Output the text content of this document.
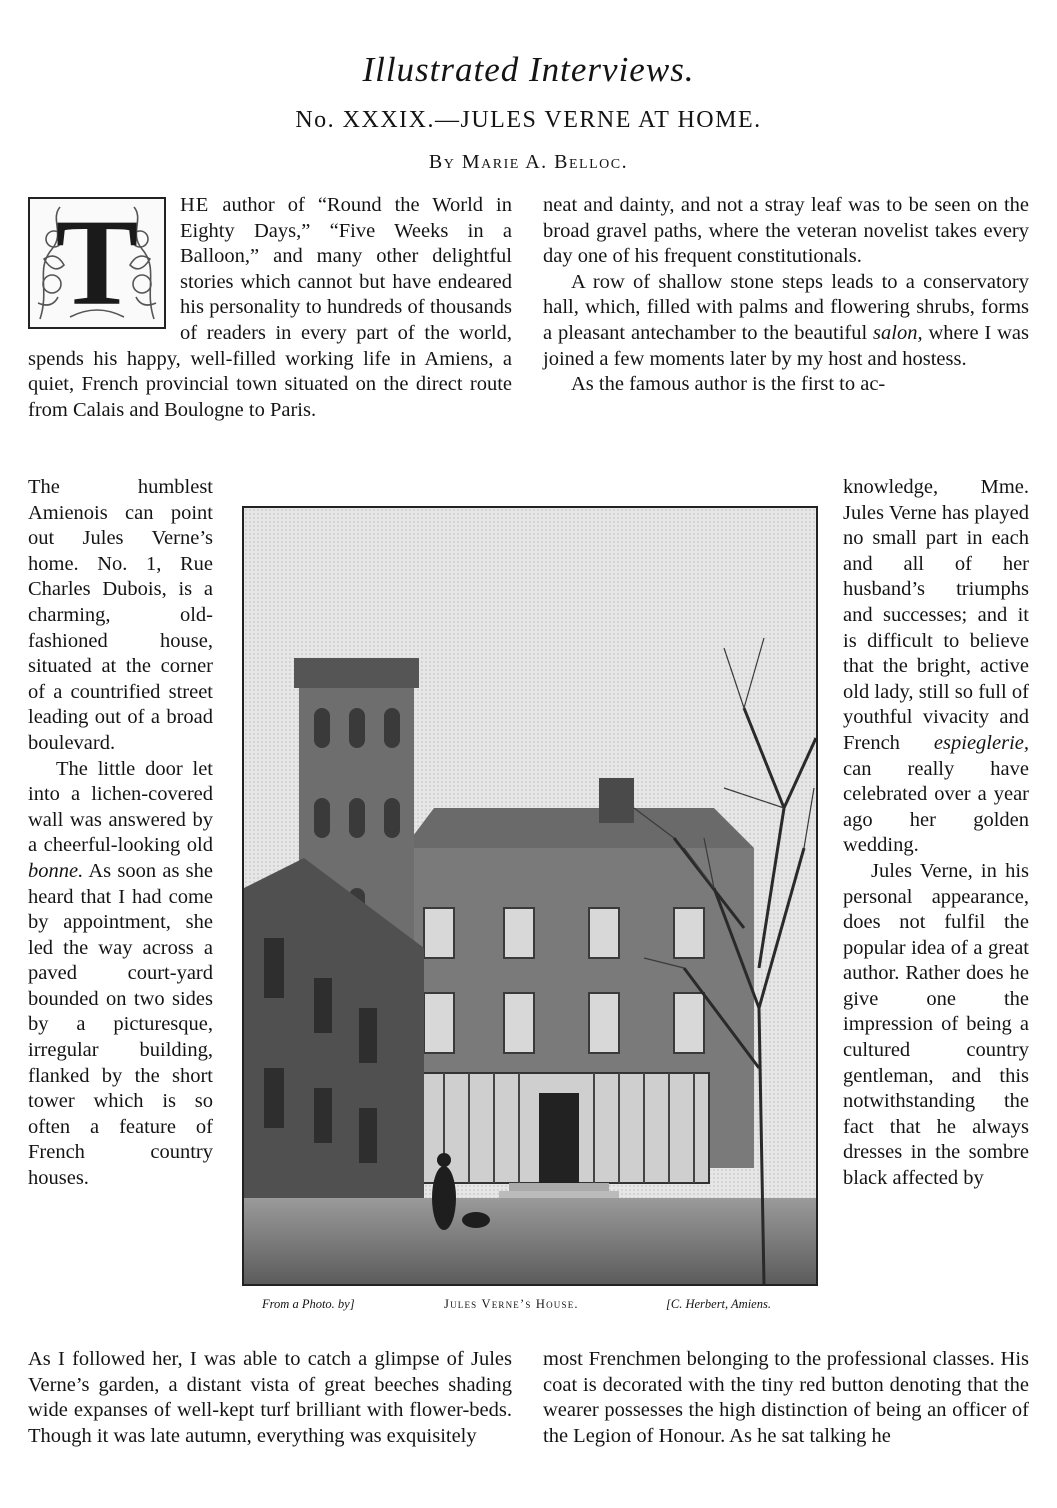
Illustrated Interviews.
No. XXXIX.—JULES VERNE AT HOME.
By Marie A. Belloc.
T	HE author of “Round the World in Eighty Days,” “Five Weeks in a Balloon,” and many other delightful stories which cannot but have endeared his personality to hundreds of thousands of readers in every part of the world, spends his happy, well-filled working life in Amiens, a quiet, French provincial town situated on the direct route from Calais and Boulogne to Paris.

The humblest Amienois can point out Jules Verne’s home. No. 1, Rue Charles Dubois, is a charming, old-fashioned house, situated at the corner of a countrified street leading out of a broad boulevard.

The little door let into a lichen-covered wall was answered by a cheerful-looking old bonne. As soon as she heard that I had come by appointment, she led the way across a paved court-yard bounded on two sides by a picturesque, irregular building, flanked by the short tower which is so often a feature of French country houses.

As I followed her, I was able to catch a glimpse of Jules Verne’s garden, a distant vista of great beeches shading wide expanses of well-kept turf brilliant with flower-beds. Though it was late autumn, everything was exquisitely

neat and dainty, and not a stray leaf was to be seen on the broad gravel paths, where the veteran novelist takes every day one of his frequent constitutionals.

A row of shallow stone steps leads to a conservatory hall, which, filled with palms and flowering shrubs, forms a pleasant antechamber to the beautiful salon, where I was joined a few moments later by my host and hostess.

As the famous author is the first to ac-

knowledge, Mme. Jules Verne has played no small part in each and all of her husband’s triumphs and successes; and it is difficult to believe that the bright, active old lady, still so full of youthful vivacity and French espieglerie, can really have celebrated over a year ago her golden wedding.

Jules Verne, in his personal appearance, does not fulfil the popular idea of a great author. Rather does he give one the impression of being a cultured country gentleman, and this notwithstanding the fact that he always dresses in the sombre black affected by

most Frenchmen belonging to the professional classes. His coat is decorated with the tiny red button denoting that the wearer possesses the high distinction of being an officer of the Legion of Honour. As he sat talking he

From a Photo. by]	Jules Verne’s House.	[C. Herbert, Amiens.
